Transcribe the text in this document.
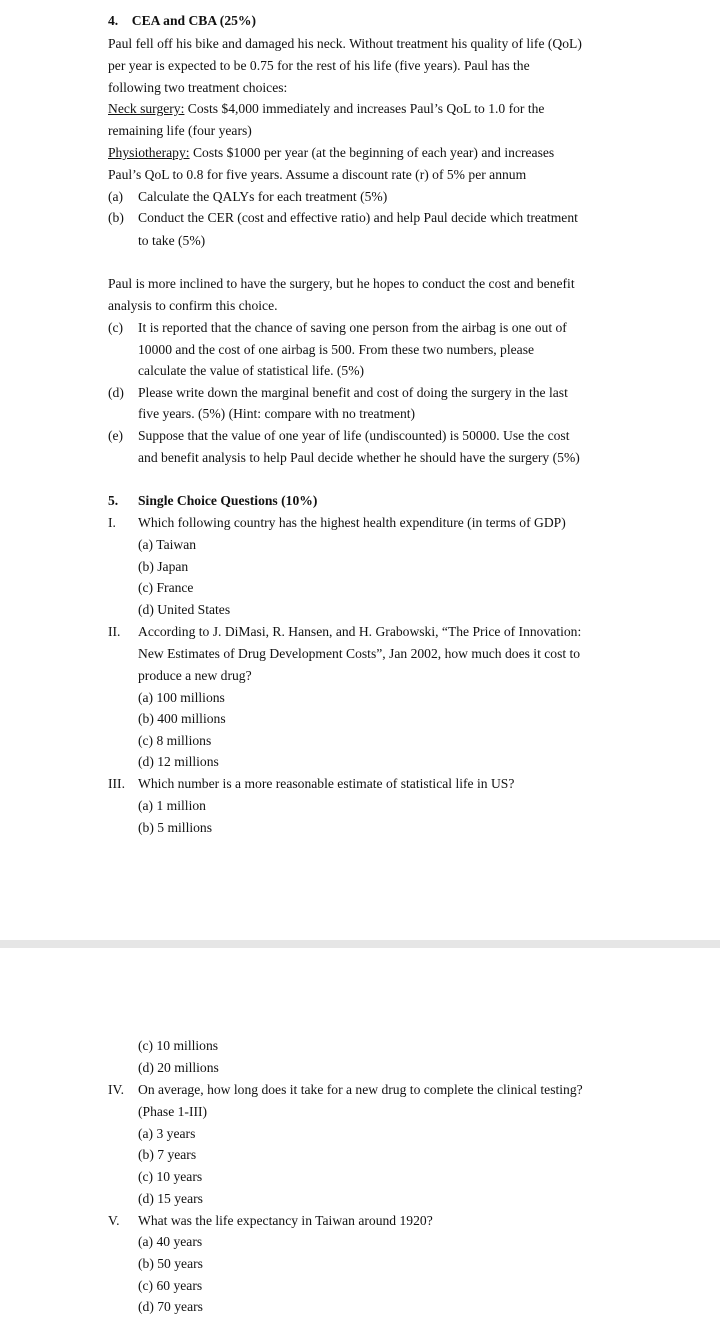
4. CEA and CBA (25%)
Paul fell off his bike and damaged his neck. Without treatment his quality of life (QoL)
per year is expected to be 0.75 for the rest of his life (five years). Paul has the
following two treatment choices:
Neck surgery: Costs $4,000 immediately and increases Paul’s QoL to 1.0 for the
remaining life (four years)
Physiotherapy: Costs $1000 per year (at the beginning of each year) and increases
Paul’s QoL to 0.8 for five years. Assume a discount rate (r) of 5% per annum
(a) Calculate the QALYs for each treatment (5%)
(b) Conduct the CER (cost and effective ratio) and help Paul decide which treatment
to take (5%)
Paul is more inclined to have the surgery, but he hopes to conduct the cost and benefit
analysis to confirm this choice.
(c) It is reported that the chance of saving one person from the airbag is one out of
10000 and the cost of one airbag is 500. From these two numbers, please
calculate the value of statistical life. (5%)
(d) Please write down the marginal benefit and cost of doing the surgery in the last
five years. (5%) (Hint: compare with no treatment)
(e) Suppose that the value of one year of life (undiscounted) is 50000. Use the cost
and benefit analysis to help Paul decide whether he should have the surgery (5%)
5. Single Choice Questions (10%)
I. Which following country has the highest health expenditure (in terms of GDP)
(a) Taiwan
(b) Japan
(c) France
(d) United States
II. According to J. DiMasi, R. Hansen, and H. Grabowski, “The Price of Innovation:
New Estimates of Drug Development Costs”, Jan 2002, how much does it cost to
produce a new drug?
(a) 100 millions
(b) 400 millions
(c) 8 millions
(d) 12 millions
III. Which number is a more reasonable estimate of statistical life in US?
(a) 1 million
(b) 5 millions
(c) 10 millions
(d) 20 millions
IV. On average, how long does it take for a new drug to complete the clinical testing?
(Phase 1-III)
(a) 3 years
(b) 7 years
(c) 10 years
(d) 15 years
V. What was the life expectancy in Taiwan around 1920?
(a) 40 years
(b) 50 years
(c) 60 years
(d) 70 years
